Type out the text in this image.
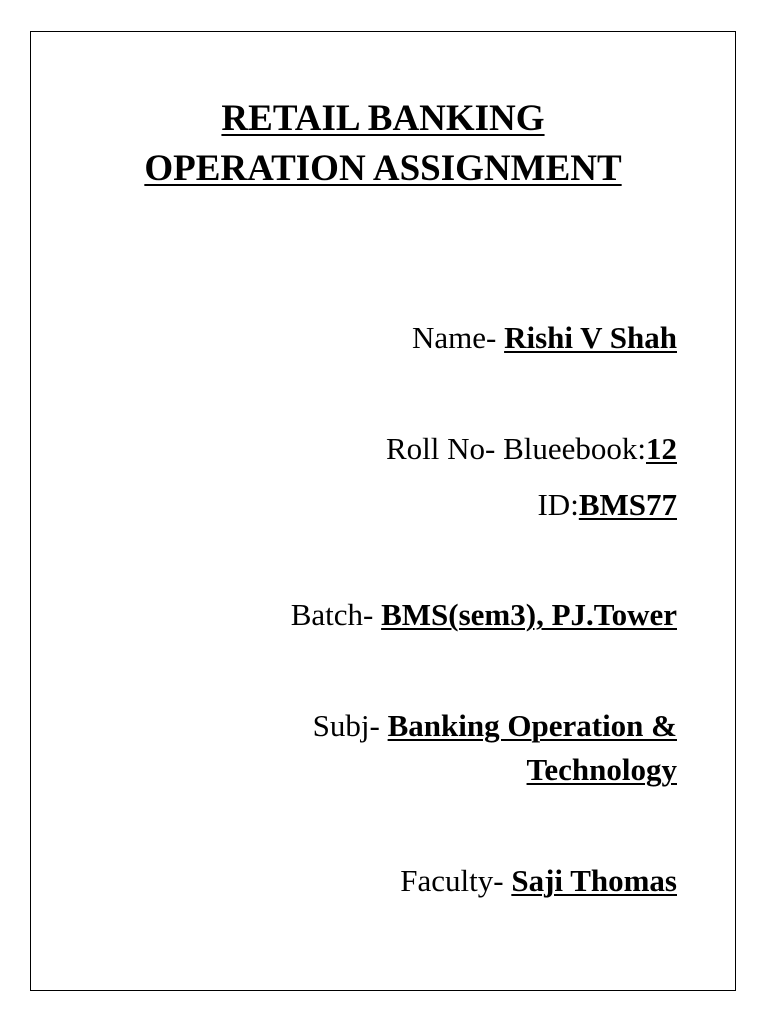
RETAIL BANKING
OPERATION ASSIGNMENT

Name- Rishi V Shah

Roll No- Blueebook:12

ID:BMS77

Batch- BMS(sem3), PJ.Tower

Subj- Banking Operation &
Technology

Faculty- Saji Thomas
